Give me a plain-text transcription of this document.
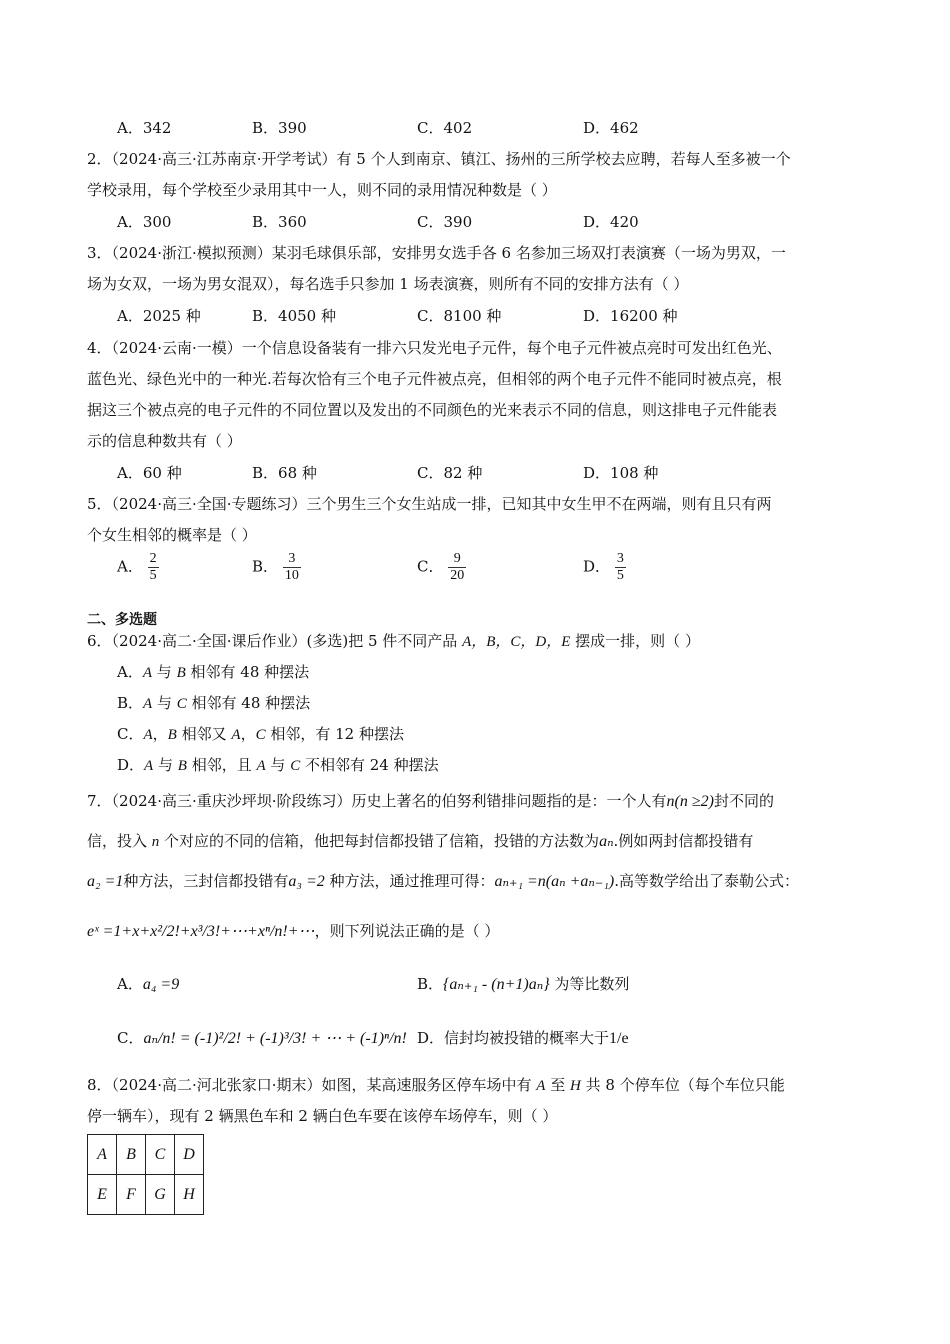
A．342	B．390	C．402	D．462
2．（2024·高三·江苏南京·开学考试）有 5 个人到南京、镇江、扬州的三所学校去应聘，若每人至多被一个
学校录用，每个学校至少录用其中一人，则不同的录用情况种数是（ ）
A．300	B．360	C．390	D．420
3．（2024·浙江·模拟预测）某羽毛球俱乐部，安排男女选手各 6 名参加三场双打表演赛（一场为男双，一
场为女双，一场为男女混双），每名选手只参加 1 场表演赛，则所有不同的安排方法有（ ）
A．2025 种	B．4050 种	C．8100 种	D．16200 种
4．（2024·云南·一模）一个信息设备装有一排六只发光电子元件，每个电子元件被点亮时可发出红色光、
蓝色光、绿色光中的一种光.若每次恰有三个电子元件被点亮，但相邻的两个电子元件不能同时被点亮，根
据这三个被点亮的电子元件的不同位置以及发出的不同颜色的光来表示不同的信息，则这排电子元件能表
示的信息种数共有（ ）
A．60 种	B．68 种	C．82 种	D．108 种
5．（2024·高三·全国·专题练习）三个男生三个女生站成一排，已知其中女生甲不在两端，则有且只有两
个女生相邻的概率是（ ）
A． $\frac{2}{5}$	B． $\frac{3}{10}$	C． $\frac{9}{20}$	D． $\frac{3}{5}$
二、多选题
6．（2024·高二·全国·课后作业）(多选)把 5 件不同产品 A，B，C，D，E 摆成一排，则（ ）
A．A 与 B 相邻有 48 种摆法
B．A 与 C 相邻有 48 种摆法
C．A，B 相邻又 A，C 相邻，有 12 种摆法
D．A 与 B 相邻，且 A 与 C 不相邻有 24 种摆法
7．（2024·高三·重庆沙坪坝·阶段练习）历史上著名的伯努利错排问题指的是：一个人有n(n ≥2)封不同的
信，投入 n 个对应的不同的信箱，他把每封信都投错了信箱，投错的方法数为aₙ.例如两封信都投错有
a₂ =1种方法，三封信都投错有a₃ =2 种方法，通过推理可得：aₙ₊₁ =n(aₙ +aₙ₋₁).高等数学给出了泰勒公式：
eˣ =1+x+x²/2!+x³/3!+⋯+xⁿ/n!+⋯，则下列说法正确的是（ ）
A．a₄ =9	B．{aₙ₊₁ - (n+1)aₙ} 为等比数列
C．aₙ/n! = (-1)²/2! + (-1)³/3! + ⋯ + (-1)ⁿ/n! D．信封均被投错的概率大于1/e
8．（2024·高二·河北张家口·期末）如图，某高速服务区停车场中有 A 至 H 共 8 个停车位（每个车位只能
停一辆车），现有 2 辆黑色车和 2 辆白色车要在该停车场停车，则（ ）
A	B	C	D
E	F	G	H
